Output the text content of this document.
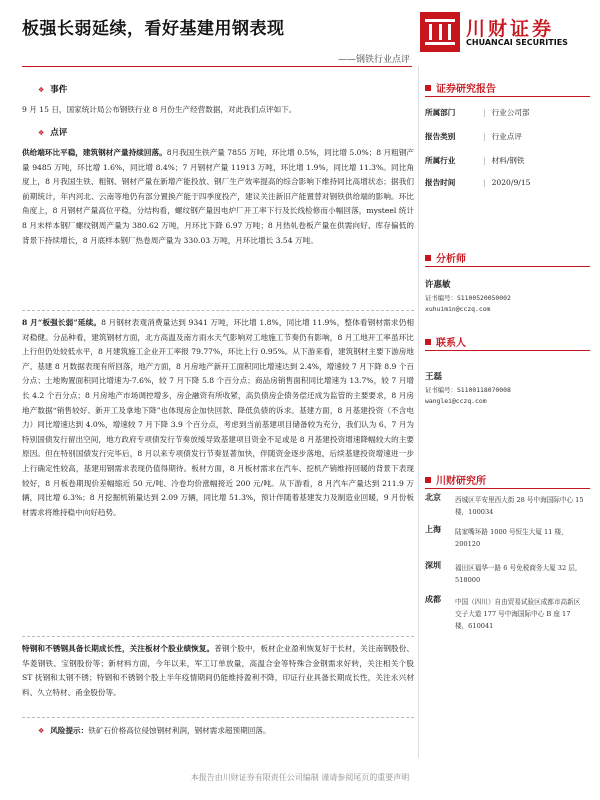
板强长弱延续，看好基建用钢表现
——钢铁行业点评
川财证券
CHUANCAI SECURITIES
❖ 事件
9 月 15 日，国家统计局公布钢铁行业 8 月份生产经营数据，对此我们点评如下。
❖ 点评
供给端环比平稳，建筑钢材产量持续回落。8月我国生铁产量 7855 万吨，环比增 0.5%，同比增 5.0%；8 月粗钢产量 9485 万吨，环比增 1.6%，同比增 8.4%；7 月钢材产量 11913 万吨，环比增 1.9%，同比增 11.3%。同比角度上，8 月我国生铁、粗钢、钢材产量在新增产能投放、钢厂生产效率提高的综合影响下维持同比高增状态；据我们前期统计，年内河北、云南等地仍有部分置换产能于四季度投产，建议关注新旧产能置替对钢铁供给端的影响。环比角度上，8 月钢材产量高位平稳，分结构看，螺纹钢产量因电炉厂开工率下行及长线检修而小幅回落，mysteel 统计 8 月末样本钢厂螺纹钢周产量为 380.62 万吨，月环比下降 6.97 万吨；8 月热轧卷板产量在供需向好、库存偏低的背景下持续增长，8 月底样本钢厂热卷周产量为 330.03 万吨，月环比增长 3.54 万吨。
8 月“板强长弱”延续。8 月钢材表观消费量达到 9341 万吨，环比增 1.8%，同比增 11.9%，整体看钢材需求仍相对稳健。分品种看，建筑钢材方面，北方高温及南方雨水天气影响对工地施工节奏仍有影响，8 月工地开工率虽环比上行但仍处较低水平，8 月建筑施工企业开工率报 79.77%，环比上行 0.95%。从下游来看，建筑钢材主要下游房地产、基建 8 月数据表现有所回落，地产方面，8 月房地产新开工面积同比增速达到 2.4%，增速较 7 月下降 8.9 个百分点；土地购置面积同比增速为-7.6%，较 7 月下降 5.8 个百分点；商品房销售面积同比增速为 13.7%，较 7 月增长 4.2 个百分点；8 月房地产市场调控增多，房企融资有所收紧，高负债房企债务偿还成为监管的主要要求，8 月房地产数据“销售较好、新开工及拿地下降”也体现房企加快回款、降低负债的诉求。基建方面，8 月基建投资（不含电力）同比增速达到 4.0%，增速较 7 月下降 3.9 个百分点，考虑到当前基建项目储备较为充分，我们认为 6、7 月为特别国债发行留出空间，地方政府专项债发行节奏放缓导致基建项目资金不足或是 8 月基建投资增速降幅较大的主要原因。但在特别国债发行完毕后，8 月以来专项债发行节奏显著加快，伴随资金逐步落地，后续基建投资增速进一步上行确定性较高，基建用钢需求表现仍值得期待。板材方面，8 月板材需求在汽车、挖机产销维持回暖的背景下表现较好，8 月板卷期现价差幅缩近 50 元/吨、冷卷均价涨幅接近 200 元/吨。从下游看，8 月汽车产量达到 211.9 万辆，同比增 6.3%；8 月挖掘机销量达到 2.09 万辆，同比增 51.3%，预计伴随着基建发力及制造业回暖，9 月份板材需求将维持稳中向好趋势。
特钢和不锈钢具备长期成长性，关注板材个股业绩恢复。普钢个股中，板材企业盈利恢复好于长材，关注南钢股份、华菱钢铁、宝钢股份等；新材料方面，今年以来，军工订单放量，高温合金等特殊合金钢需求好转，关注相关个股 ST 抚钢和太钢不锈；特钢和不锈钢个股上半年疫情期间仍能维持盈利不降，印证行业具备长期成长性，关注永兴材料、久立特材、甬金股份等。
❖ 风险提示：铁矿石价格高位侵蚀钢材利润，钢材需求超预期回落。
证券研究报告
所属部门	| 行业公司部
报告类别	| 行业点评
所属行业	| 材料/钢铁
报告时间	| 2020/9/15
分析师
许惠敏
证书编号：S1100520050002
xuhuimin@cczq.com
联系人
王磊
证书编号：S1100118070008
wanglei@cczq.com
川财研究所
北京 西城区平安里西大街 28 号中海国际中心 15 楼，100034
上海 陆家嘴环路 1000 号恒生大厦 11 楼，200120
深圳 福田区福华一路 6 号免税商务大厦 32 层，518000
成都 中国（四川）自由贸易试验区成都市高新区交子大道 177 号中海国际中心 B 座 17 楼，610041
本报告由川财证券有限责任公司编制 谨请参阅尾页的重要声明
